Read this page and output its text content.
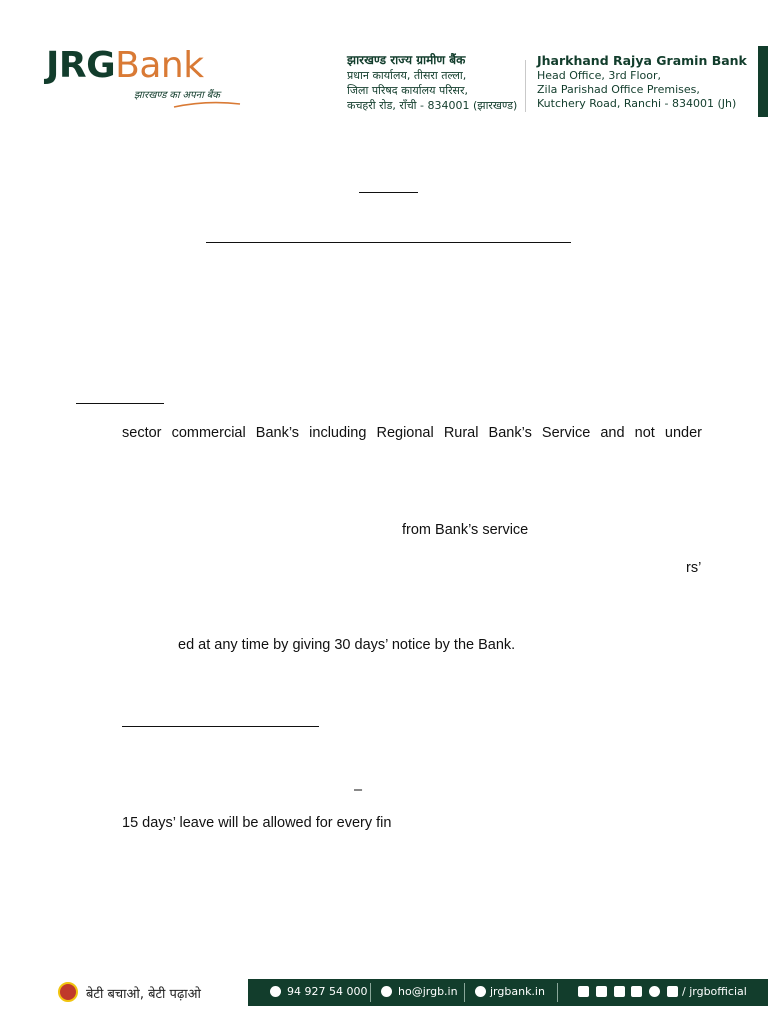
JRGBank
झारखण्ड का अपना बैंक
झारखण्ड राज्य ग्रामीण बैंक
प्रधान कार्यालय, तीसरा तल्ला,
जिला परिषद कार्यालय परिसर,
कचहरी रोड, राँची - 834001 (झारखण्ड)
Jharkhand Rajya Gramin Bank
Head Office, 3rd Floor,
Zila Parishad Office Premises,
Kutchery Road, Ranchi - 834001 (Jh)
sector commercial Bank’s including Regional Rural Bank’s Service and not under
from Bank’s service
rs’
ed at any time by giving 30 days’ notice by the Bank.
–
15 days’ leave will be allowed for every fin
बेटी बचाओ, बेटी पढ़ाओ	94 927 54 000	ho@jrgb.in	jrgbank.in	/ jrgbofficial
